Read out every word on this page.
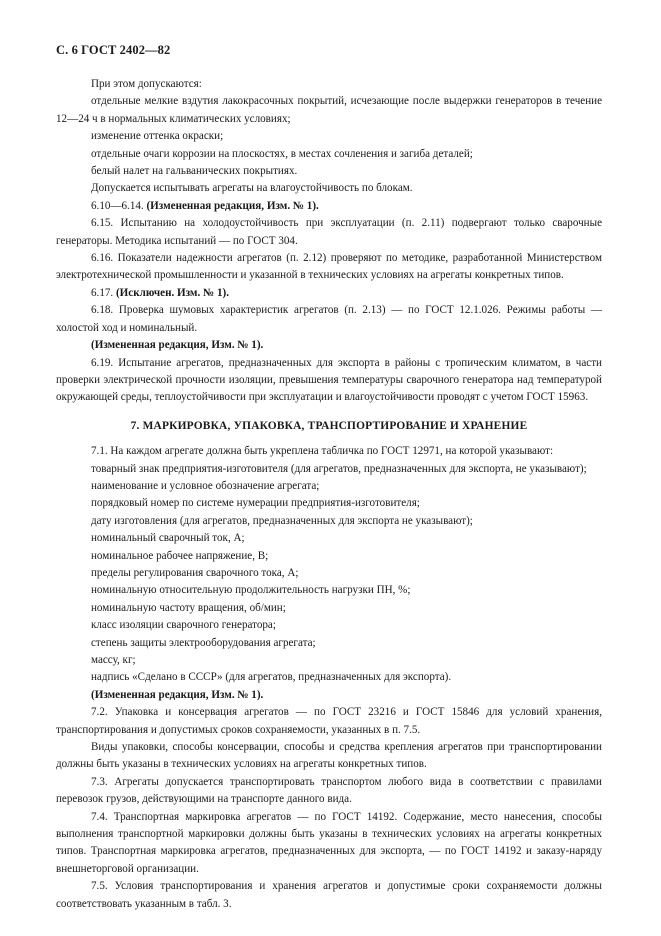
С. 6 ГОСТ 2402—82

При этом допускаются:

отдельные мелкие вздутия лакокрасочных покрытий, исчезающие после выдержки генераторов в течение 12—24 ч в нормальных климатических условиях;

изменение оттенка окраски;

отдельные очаги коррозии на плоскостях, в местах сочленения и загиба деталей;

белый налет на гальванических покрытиях.

Допускается испытывать агрегаты на влагоустойчивость по блокам.

6.10—6.14. (Измененная редакция, Изм. № 1).

6.15. Испытанию на холодоустойчивость при эксплуатации (п. 2.11) подвергают только сварочные генераторы. Методика испытаний — по ГОСТ 304.

6.16. Показатели надежности агрегатов (п. 2.12) проверяют по методике, разработанной Министерством электротехнической промышленности и указанной в технических условиях на агрегаты конкретных типов.

6.17. (Исключен. Изм. № 1).

6.18. Проверка шумовых характеристик агрегатов (п. 2.13) — по ГОСТ 12.1.026. Режимы работы — холостой ход и номинальный.

(Измененная редакция, Изм. № 1).

6.19. Испытание агрегатов, предназначенных для экспорта в районы с тропическим климатом, в части проверки электрической прочности изоляции, превышения температуры сварочного генератора над температурой окружающей среды, теплоустойчивости при эксплуатации и влагоустойчивости проводят с учетом ГОСТ 15963.

7. МАРКИРОВКА, УПАКОВКА, ТРАНСПОРТИРОВАНИЕ И ХРАНЕНИЕ

7.1. На каждом агрегате должна быть укреплена табличка по ГОСТ 12971, на которой указывают:

товарный знак предприятия-изготовителя (для агрегатов, предназначенных для экспорта, не указывают);

наименование и условное обозначение агрегата;

порядковый номер по системе нумерации предприятия-изготовителя;

дату изготовления (для агрегатов, предназначенных для экспорта не указывают);

номинальный сварочный ток, А;

номинальное рабочее напряжение, В;

пределы регулирования сварочного тока, А;

номинальную относительную продолжительность нагрузки ПН, %;

номинальную частоту вращения, об/мин;

класс изоляции сварочного генератора;

степень защиты электрооборудования агрегата;

массу, кг;

надпись «Сделано в СССР» (для агрегатов, предназначенных для экспорта).

(Измененная редакция, Изм. № 1).

7.2. Упаковка и консервация агрегатов — по ГОСТ 23216 и ГОСТ 15846 для условий хранения, транспортирования и допустимых сроков сохраняемости, указанных в п. 7.5.

Виды упаковки, способы консервации, способы и средства крепления агрегатов при транспортировании должны быть указаны в технических условиях на агрегаты конкретных типов.

7.3. Агрегаты допускается транспортировать транспортом любого вида в соответствии с правилами перевозок грузов, действующими на транспорте данного вида.

7.4. Транспортная маркировка агрегатов — по ГОСТ 14192. Содержание, место нанесения, способы выполнения транспортной маркировки должны быть указаны в технических условиях на агрегаты конкретных типов. Транспортная маркировка агрегатов, предназначенных для экспорта, — по ГОСТ 14192 и заказу-наряду внешнеторговой организации.

7.5. Условия транспортирования и хранения агрегатов и допустимые сроки сохраняемости должны соответствовать указанным в табл. 3.
